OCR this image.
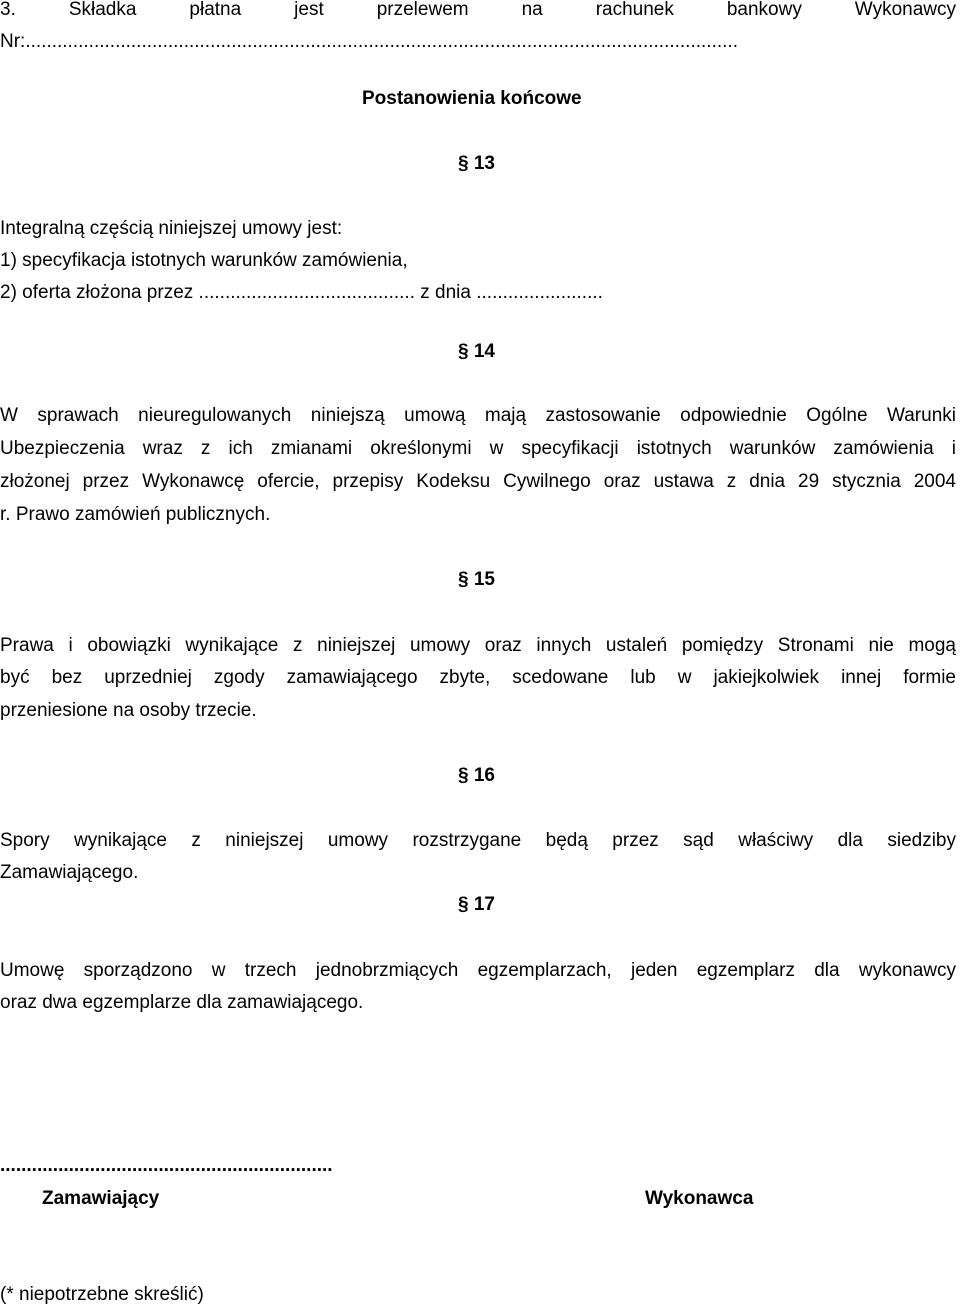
3. Składka płatna jest przelewem na rachunek bankowy Wykonawcy
Nr:.......................................................................................................................................
Postanowienia końcowe
§ 13
Integralną częścią niniejszej umowy jest:
1) specyfikacja istotnych warunków zamówienia,
2) oferta złożona przez ......................................... z dnia ........................
§ 14
W sprawach nieuregulowanych niniejszą umową mają zastosowanie odpowiednie Ogólne Warunki
Ubezpieczenia wraz z ich zmianami określonymi w specyfikacji istotnych warunków zamówienia i
złożonej przez Wykonawcę ofercie, przepisy Kodeksu Cywilnego oraz ustawa z dnia 29 stycznia 2004
r. Prawo zamówień publicznych.
§ 15
Prawa i obowiązki wynikające z niniejszej umowy oraz innych ustaleń pomiędzy Stronami nie mogą
być bez uprzedniej zgody zamawiającego zbyte, scedowane lub w jakiejkolwiek innej formie
przeniesione na osoby trzecie.
§ 16
Spory wynikające z niniejszej umowy rozstrzygane będą przez sąd właściwy dla siedziby
Zamawiającego.
§ 17
Umowę sporządzono w trzech jednobrzmiących egzemplarzach, jeden egzemplarz dla wykonawcy
oraz dwa egzemplarze dla zamawiającego.
...............................................................
Zamawiający	Wykonawca
(* niepotrzebne skreślić)
